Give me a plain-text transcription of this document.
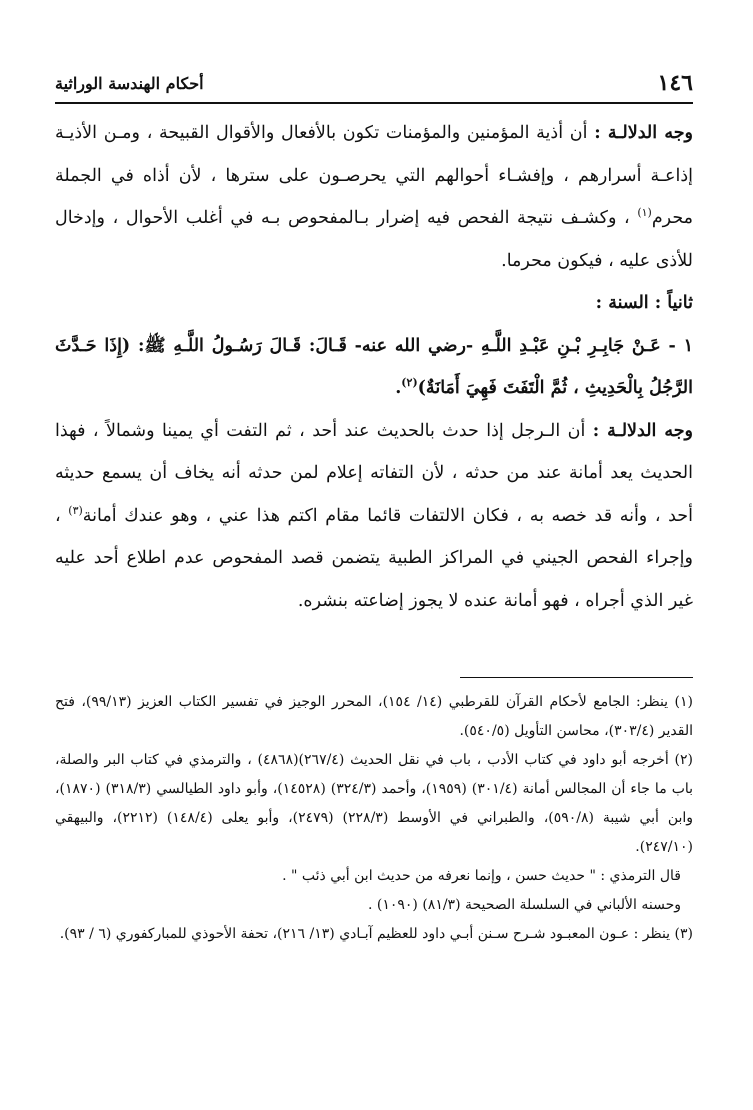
١٤٦
أحكام الهندسة الوراثية

وجه الدلالـة : أن أذية المؤمنين والمؤمنات تكون بالأفعال والأقوال القبيحة ، ومـن الأذيـة إذاعـة أسرارهم ، وإفشـاء أحوالهم التي يحرصـون على سترها ، لأن أذاه في الجملة محرم$^{(١)}$ ، وكشـف نتيجة الفحص فيه إضرار بـالمفحوص بـه في أغلب الأحوال ، وإدخال للأذى عليه ، فيكون محرما.

ثانياً : السنة :

١ - عَـنْ جَابِـرِ بْـنِ عَبْـدِ اللَّـهِ -رضي الله عنه- قَـالَ: قَـالَ رَسُـولُ اللَّـهِ ﷺ: (إِذَا حَـدَّثَ الرَّجُلُ بِالْحَدِيثِ ، ثُمَّ الْتَفَتَ فَهِيَ أَمَانَةٌ)$^{(٢)}$.

وجه الدلالـة : أن الـرجل إذا حدث بالحديث عند أحد ، ثم التفت أي يمينا وشمالاً ، فهذا الحديث يعد أمانة عند من حدثه ، لأن التفاته إعلام لمن حدثه أنه يخاف أن يسمع حديثه أحد ، وأنه قد خصه به ، فكان الالتفات قائما مقام اكتم هذا عني ، وهو عندك أمانة$^{(٣)}$ ، وإجراء الفحص الجيني في المراكز الطبية يتضمن قصد المفحوص عدم اطلاع أحد عليه غير الذي أجراه ، فهو أمانة عنده لا يجوز إضاعته بنشره.

(١) ينظر: الجامع لأحكام القرآن للقرطبي (١٤/ ١٥٤)، المحرر الوجيز في تفسير الكتاب العزيز (٩٩/١٣)، فتح القدير (٣٠٣/٤)، محاسن التأويل (٥٤٠/٥).

(٢) أخرجه أبو داود في كتاب الأدب ، باب في نقل الحديث (٢٦٧/٤)(٤٨٦٨) ، والترمذي في كتاب البر والصلة، باب ما جاء أن المجالس أمانة (٣٠١/٤) (١٩٥٩)، وأحمد (٣٢٤/٣) (١٤٥٢٨)، وأبو داود الطيالسي (٣١٨/٣) (١٨٧٠)، وابن أبي شيبة (٥٩٠/٨)، والطبراني في الأوسط (٢٢٨/٣) (٢٤٧٩)، وأبو يعلى (١٤٨/٤) (٢٢١٢)، والبيهقي (٢٤٧/١٠).

قال الترمذي : " حديث حسن ، وإنما نعرفه من حديث ابن أبي ذئب " .

وحسنه الألباني في السلسلة الصحيحة (٨١/٣) (١٠٩٠) .

(٣) ينظر : عـون المعبـود شـرح سـنن أبـي داود للعظيم آبـادي (١٣/ ٢١٦)، تحفة الأحوذي للمباركفوري (٦ / ٩٣).
